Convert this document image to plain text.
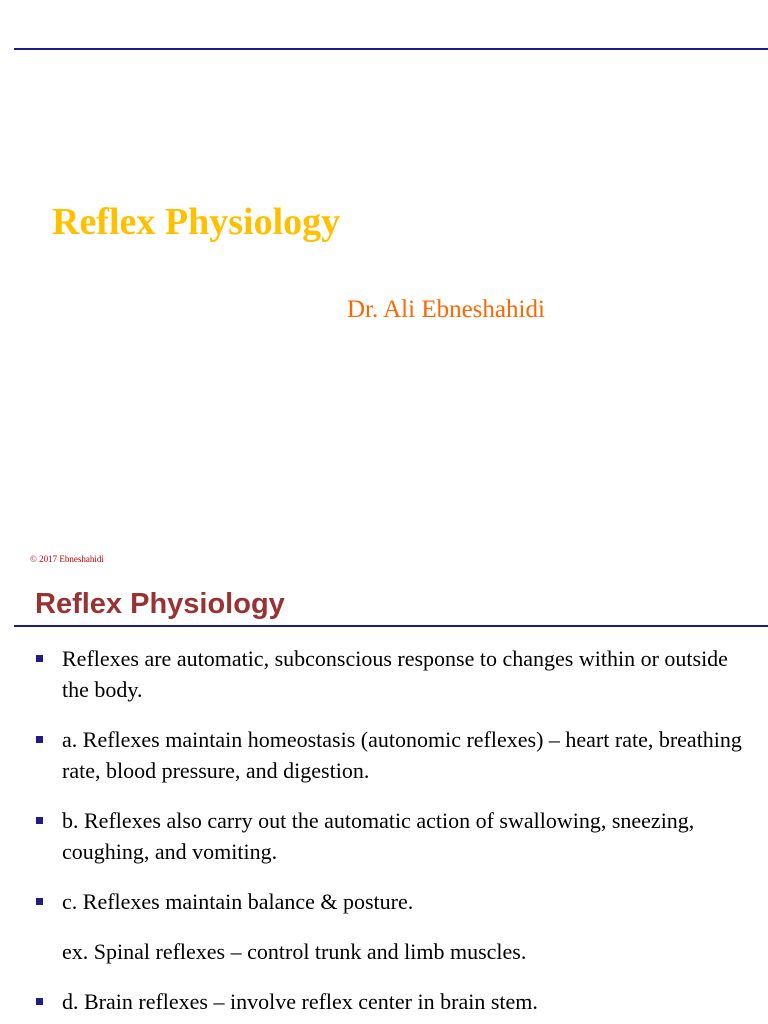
Reflex Physiology
Dr. Ali Ebneshahidi
© 2017 Ebneshahidi
Reflex Physiology
Reflexes are automatic, subconscious response to changes within or outside the body.
a. Reflexes maintain homeostasis (autonomic reflexes) – heart rate, breathing rate, blood pressure, and digestion.
b. Reflexes also carry out the automatic action of swallowing, sneezing, coughing, and vomiting.
c. Reflexes maintain balance & posture.
ex. Spinal reflexes – control trunk and limb muscles.
d. Brain reflexes – involve reflex center in brain stem.
